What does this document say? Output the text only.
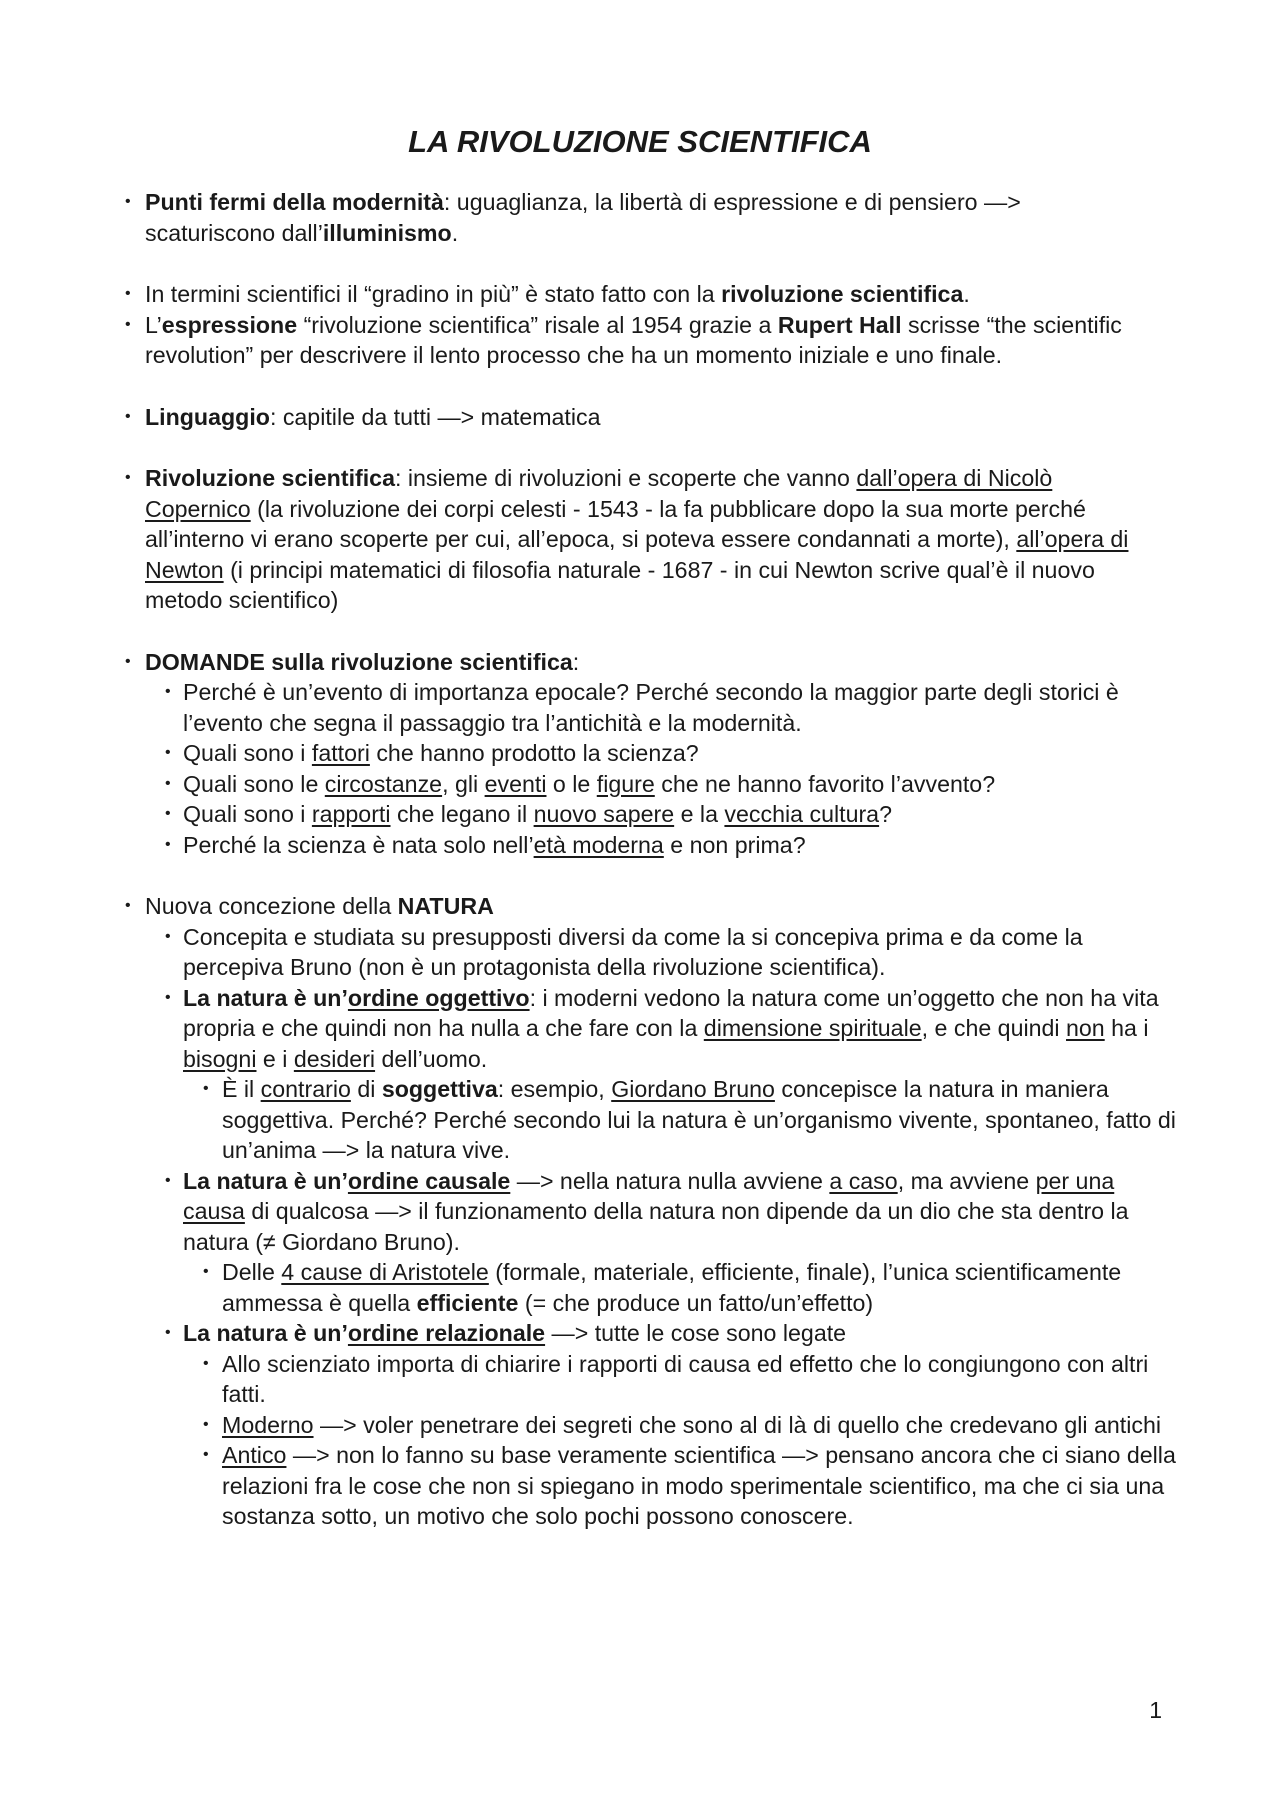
LA RIVOLUZIONE SCIENTIFICA
• Punti fermi della modernità: uguaglianza, la libertà di espressione e di pensiero —> scaturiscono dall’illuminismo.
• In termini scientifici il “gradino in più” è stato fatto con la rivoluzione scientifica.
• L’espressione “rivoluzione scientifica” risale al 1954 grazie a Rupert Hall scrisse “the scientific revolution” per descrivere il lento processo che ha un momento iniziale e uno finale.
• Linguaggio: capitile da tutti —> matematica
• Rivoluzione scientifica: insieme di rivoluzioni e scoperte che vanno dall’opera di Nicolò Copernico (la rivoluzione dei corpi celesti - 1543 - la fa pubblicare dopo la sua morte perché all’interno vi erano scoperte per cui, all’epoca, si poteva essere condannati a morte), all’opera di Newton (i principi matematici di filosofia naturale - 1687 - in cui Newton scrive qual’è il nuovo metodo scientifico)
• DOMANDE sulla rivoluzione scientifica:
• Perché è un’evento di importanza epocale? Perché secondo la maggior parte degli storici è l’evento che segna il passaggio tra l’antichità e la modernità.
• Quali sono i fattori che hanno prodotto la scienza?
• Quali sono le circostanze, gli eventi o le figure che ne hanno favorito l’avvento?
• Quali sono i rapporti che legano il nuovo sapere e la vecchia cultura?
• Perché la scienza è nata solo nell’età moderna e non prima?
• Nuova concezione della NATURA
• Concepita e studiata su presupposti diversi da come la si concepiva prima e da come la percepiva Bruno (non è un protagonista della rivoluzione scientifica).
• La natura è un’ordine oggettivo: i moderni vedono la natura come un’oggetto che non ha vita propria e che quindi non ha nulla a che fare con la dimensione spirituale, e che quindi non ha i bisogni e i desideri dell’uomo.
• È il contrario di soggettiva: esempio, Giordano Bruno concepisce la natura in maniera soggettiva. Perché? Perché secondo lui la natura è un’organismo vivente, spontaneo, fatto di un’anima —> la natura vive.
• La natura è un’ordine causale —> nella natura nulla avviene a caso, ma avviene per una causa di qualcosa —> il funzionamento della natura non dipende da un dio che sta dentro la natura (≠ Giordano Bruno).
• Delle 4 cause di Aristotele (formale, materiale, efficiente, finale), l’unica scientificamente ammessa è quella efficiente (= che produce un fatto/un’effetto)
• La natura è un’ordine relazionale —> tutte le cose sono legate
• Allo scienziato importa di chiarire i rapporti di causa ed effetto che lo congiungono con altri fatti.
• Moderno —> voler penetrare dei segreti che sono al di là di quello che credevano gli antichi
• Antico —> non lo fanno su base veramente scientifica —> pensano ancora che ci siano della relazioni fra le cose che non si spiegano in modo sperimentale scientifico, ma che ci sia una sostanza sotto, un motivo che solo pochi possono conoscere.

1
